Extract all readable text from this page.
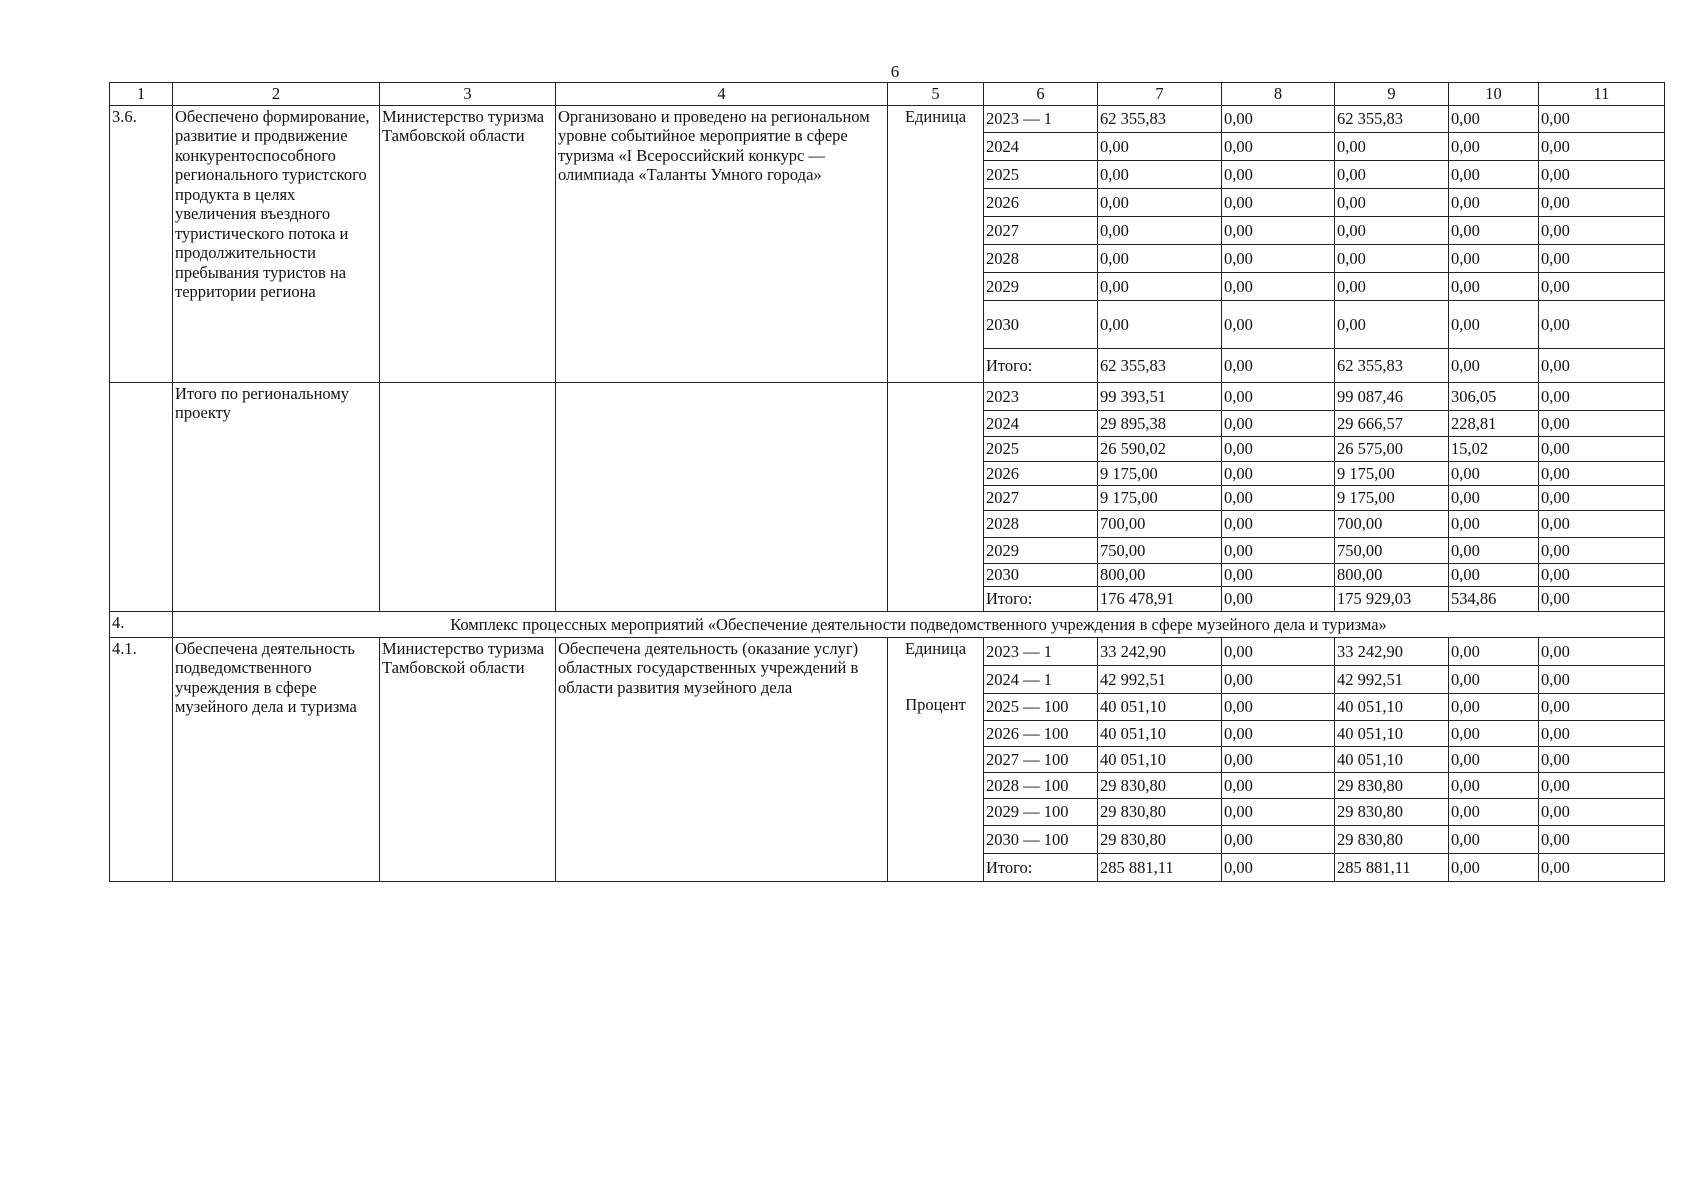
6
1	2	3	4	5	6	7	8	9	10	11
3.6.	Обеспечено формирование, развитие и продвижение конкурентоспособного регионального туристского продукта в целях увеличения въездного туристического потока и продолжительности пребывания туристов на территории региона	Министерство туризма Тамбовской области	Организовано и проведено на региональном уровне событийное мероприятие в сфере туризма «I Всероссийский конкурс — олимпиада «Таланты Умного города»	Единица	2023 — 1	62 355,83	0,00	62 355,83	0,00	0,00
					2024	0,00	0,00	0,00	0,00	0,00
					2025	0,00	0,00	0,00	0,00	0,00
					2026	0,00	0,00	0,00	0,00	0,00
					2027	0,00	0,00	0,00	0,00	0,00
					2028	0,00	0,00	0,00	0,00	0,00
					2029	0,00	0,00	0,00	0,00	0,00
					2030	0,00	0,00	0,00	0,00	0,00
					Итого:	62 355,83	0,00	62 355,83	0,00	0,00
	Итого по региональному проекту				2023	99 393,51	0,00	99 087,46	306,05	0,00
					2024	29 895,38	0,00	29 666,57	228,81	0,00
					2025	26 590,02	0,00	26 575,00	15,02	0,00
					2026	9 175,00	0,00	9 175,00	0,00	0,00
					2027	9 175,00	0,00	9 175,00	0,00	0,00
					2028	700,00	0,00	700,00	0,00	0,00
					2029	750,00	0,00	750,00	0,00	0,00
					2030	800,00	0,00	800,00	0,00	0,00
					Итого:	176 478,91	0,00	175 929,03	534,86	0,00
4.	Комплекс процессных мероприятий «Обеспечение деятельности подведомственного учреждения в сфере музейного дела и туризма»									
4.1.	Обеспечена деятельность подведомственного учреждения в сфере музейного дела и туризма	Министерство туризма Тамбовской области	Обеспечена деятельность (оказание услуг) областных государственных учреждений в области развития музейного дела	Единица	2023 — 1	33 242,90	0,00	33 242,90	0,00	0,00
					2024 — 1	42 992,51	0,00	42 992,51	0,00	0,00
				Процент	2025 — 100	40 051,10	0,00	40 051,10	0,00	0,00
					2026 — 100	40 051,10	0,00	40 051,10	0,00	0,00
					2027 — 100	40 051,10	0,00	40 051,10	0,00	0,00
					2028 — 100	29 830,80	0,00	29 830,80	0,00	0,00
					2029 — 100	29 830,80	0,00	29 830,80	0,00	0,00
					2030 — 100	29 830,80	0,00	29 830,80	0,00	0,00
					Итого:	285 881,11	0,00	285 881,11	0,00	0,00
